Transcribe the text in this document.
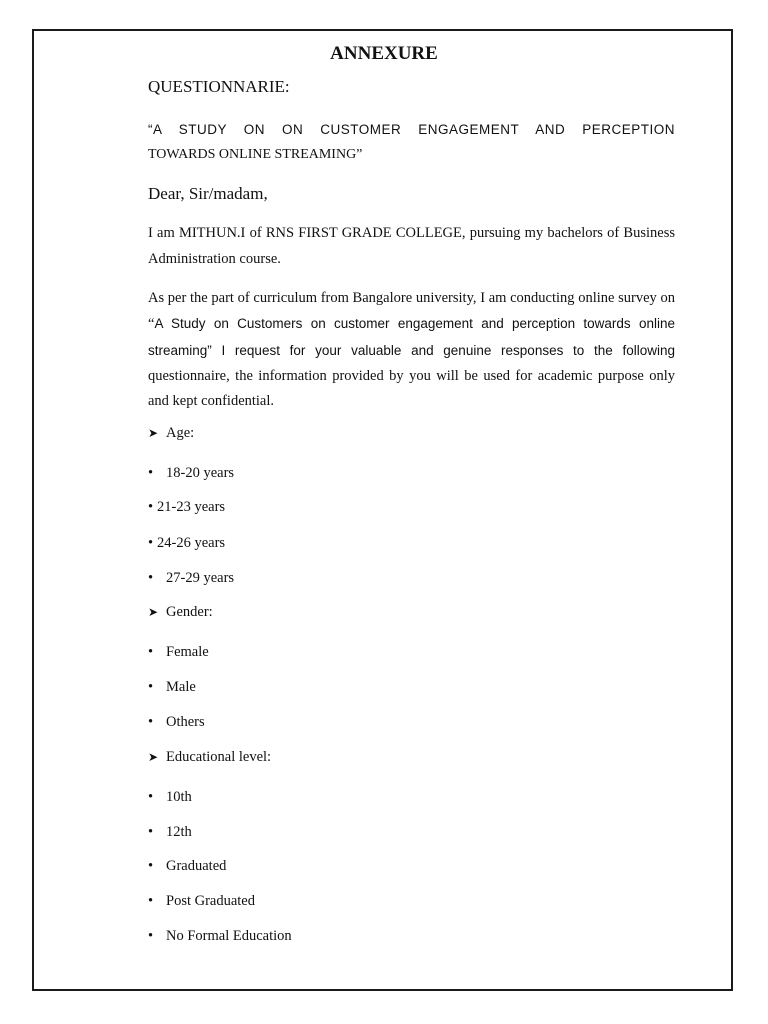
ANNEXURE
QUESTIONNARIE:
“A STUDY ON ON CUSTOMER ENGAGEMENT AND PERCEPTION
TOWARDS ONLINE STREAMING”
Dear, Sir/madam,
I am MITHUN.I of RNS FIRST GRADE COLLEGE, pursuing my bachelors of Business Administration course.
As per the part of curriculum from Bangalore university, I am conducting online survey on “A Study on Customers on customer engagement and perception towards online streaming” I request for your valuable and genuine responses to the following questionnaire, the information provided by you will be used for academic purpose only and kept confidential.
➤ Age:
• 18-20 years
• 21-23 years
• 24-26 years
• 27-29 years
➤ Gender:
• Female
• Male
• Others
➤ Educational level:
• 10th
• 12th
• Graduated
• Post Graduated
• No Formal Education
